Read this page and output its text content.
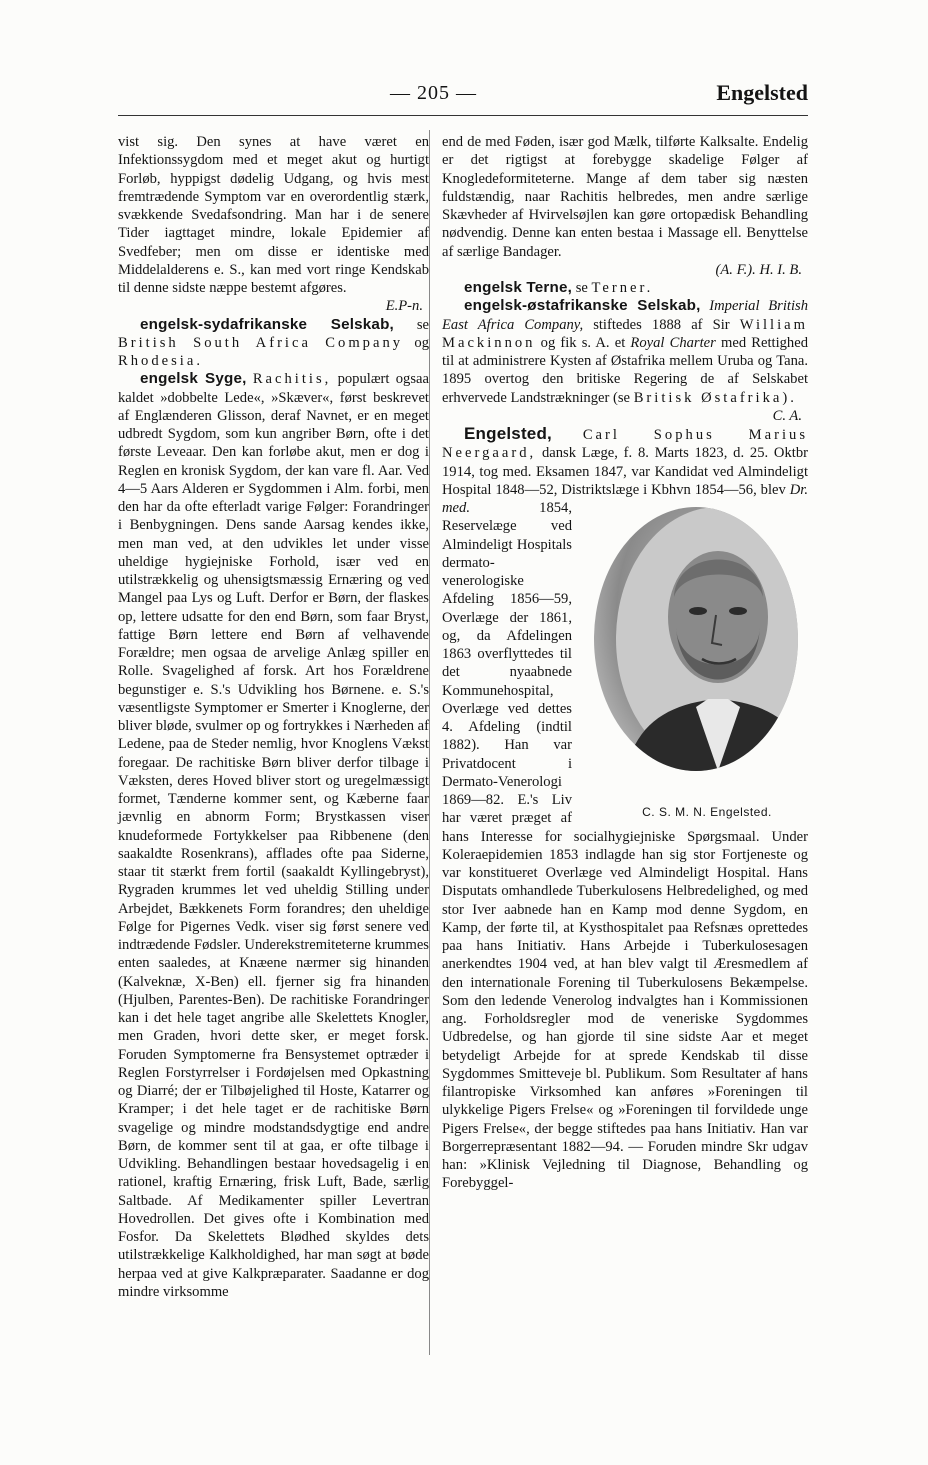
— 205 —	Engelsted

vist sig. Den synes at have været en Infektionssygdom med et meget akut og hurtigt Forløb, hyppigst dødelig Udgang, og hvis mest fremtrædende Symptom var en overordentlig stærk, svækkende Svedafsondring. Man har i de senere Tider iagttaget mindre, lokale Epidemier af Svedfeber; men om disse er identiske med Middelalderens e. S., kan med vort ringe Kendskab til denne sidste næppe bestemt afgøres.

E.P-n.

engelsk-sydafrikanske Selskab, se British South Africa Company og Rhodesia.

engelsk Syge, Rachitis, populært ogsaa kaldet »dobbelte Lede«, »Skæver«, først beskrevet af Englænderen Glisson, deraf Navnet, er en meget udbredt Sygdom, som kun angriber Børn, ofte i det første Leveaar. Den kan forløbe akut, men er dog i Reglen en kronisk Sygdom, der kan vare fl. Aar. Ved 4—5 Aars Alderen er Sygdommen i Alm. forbi, men den har da ofte efterladt varige Følger: Forandringer i Benbygningen. Dens sande Aarsag kendes ikke, men man ved, at den udvikles let under visse uheldige hygiejniske Forhold, især ved en utilstrækkelig og uhensigtsmæssig Ernæring og ved Mangel paa Lys og Luft. Derfor er Børn, der flaskes op, lettere udsatte for den end Børn, som faar Bryst, fattige Børn lettere end Børn af velhavende Forældre; men ogsaa de arvelige Anlæg spiller en Rolle. Svagelighed af forsk. Art hos Forældrene begunstiger e. S.'s Udvikling hos Børnene. e. S.'s væsentligste Symptomer er Smerter i Knoglerne, der bliver bløde, svulmer op og fortrykkes i Nærheden af Ledene, paa de Steder nemlig, hvor Knoglens Vækst foregaar. De rachitiske Børn bliver derfor tilbage i Væksten, deres Hoved bliver stort og uregelmæssigt formet, Tænderne kommer sent, og Kæberne faar jævnlig en abnorm Form; Brystkassen viser knudeformede Fortykkelser paa Ribbenene (den saakaldte Rosenkrans), afflades ofte paa Siderne, staar tit stærkt frem fortil (saakaldt Kyllingebryst), Rygraden krummes let ved uheldig Stilling under Arbejdet, Bækkenets Form forandres; den uheldige Følge for Pigernes Vedk. viser sig først senere ved indtrædende Fødsler. Underekstremiteterne krummes enten saaledes, at Knæene nærmer sig hinanden (Kalveknæ, X-Ben) ell. fjerner sig fra hinanden (Hjulben, Parentes-Ben). De rachitiske Forandringer kan i det hele taget angribe alle Skelettets Knogler, men Graden, hvori dette sker, er meget forsk. Foruden Symptomerne fra Bensystemet optræder i Reglen Forstyrrelser i Fordøjelsen med Opkastning og Diarré; der er Tilbøjelighed til Hoste, Katarrer og Kramper; i det hele taget er de rachitiske Børn svagelige og mindre modstandsdygtige end andre Børn, de kommer sent til at gaa, er ofte tilbage i Udvikling. Behandlingen bestaar hovedsagelig i en rationel, kraftig Ernæring, frisk Luft, Bade, særlig Saltbade. Af Medikamenter spiller Levertran Hovedrollen. Det gives ofte i Kombination med Fosfor. Da Skelettets Blødhed skyldes dets utilstrækkelige Kalkholdighed, har man søgt at bøde herpaa ved at give Kalkpræparater. Saadanne er dog mindre virksomme

end de med Føden, især god Mælk, tilførte Kalksalte. Endelig er det rigtigst at forebygge skadelige Følger af Knogledeformiteterne. Mange af dem taber sig næsten fuldstændig, naar Rachitis helbredes, men andre særlige Skævheder af Hvirvelsøjlen kan gøre ortopædisk Behandling nødvendig. Denne kan enten bestaa i Massage ell. Benyttelse af særlige Bandager.

(A. F.). H. I. B.

engelsk Terne, se Terner.

engelsk-østafrikanske Selskab, Imperial British East Africa Company, stiftedes 1888 af Sir William Mackinnon og fik s. A. et Royal Charter med Rettighed til at administrere Kysten af Østafrika mellem Uruba og Tana. 1895 overtog den britiske Regering de af Selskabet erhvervede Landstrækninger (se Britisk Østafrika).

C. A.

Engelsted, Carl Sophus Marius Neergaard, dansk Læge, f. 8. Marts 1823, d. 25. Oktbr 1914, tog med. Eksamen 1847, var Kandidat ved Almindeligt Hospital 1848—52, Distriktslæge i Kbhvn 1854—56, blev
C. S. M. N. Engelsted.
Dr. med.	1854, Reservelæge ved Almindeligt Hospitals dermato-venerologiske Afdeling 1856—59, Overlæge der 1861, og, da Afdelingen 1863 overflyttedes til det nyaabnede Kommunehospital, Overlæge ved dettes 4. Afdeling (indtil 1882). Han var Privatdocent i Dermato-Venerologi 1869—82. E.'s Liv har været præget af hans Interesse for socialhygiejniske Spørgsmaal. Under Koleraepidemien 1853 indlagde han sig stor Fortjeneste og var konstitueret Overlæge ved Almindeligt Hospital. Hans Disputats omhandlede Tuberkulosens Helbredelighed, og med stor Iver aabnede han en Kamp mod denne Sygdom, en Kamp, der førte til, at Kysthospitalet paa Refsnæs oprettedes paa hans Initiativ. Hans Arbejde i Tuberkulosesagen anerkendtes 1904 ved, at han blev valgt til Æresmedlem af den internationale Forening til Tuberkulosens Bekæmpelse. Som den ledende Venerolog indvalgtes han i Kommissionen ang. Forholdsregler mod de veneriske Sygdommes Udbredelse, og han gjorde til sine sidste Aar et meget betydeligt Arbejde for at sprede Kendskab til disse Sygdommes Smitteveje bl. Publikum. Som Resultater af hans filantropiske Virksomhed kan anføres »Foreningen til ulykkelige Pigers Frelse« og »Foreningen til forvildede unge Pigers Frelse«, der begge stiftedes paa hans Initiativ. Han var Borgerrepræsentant 1882—94. — Foruden mindre Skr udgav han: »Klinisk Vejledning til Diagnose, Behandling og Forebyggel-
